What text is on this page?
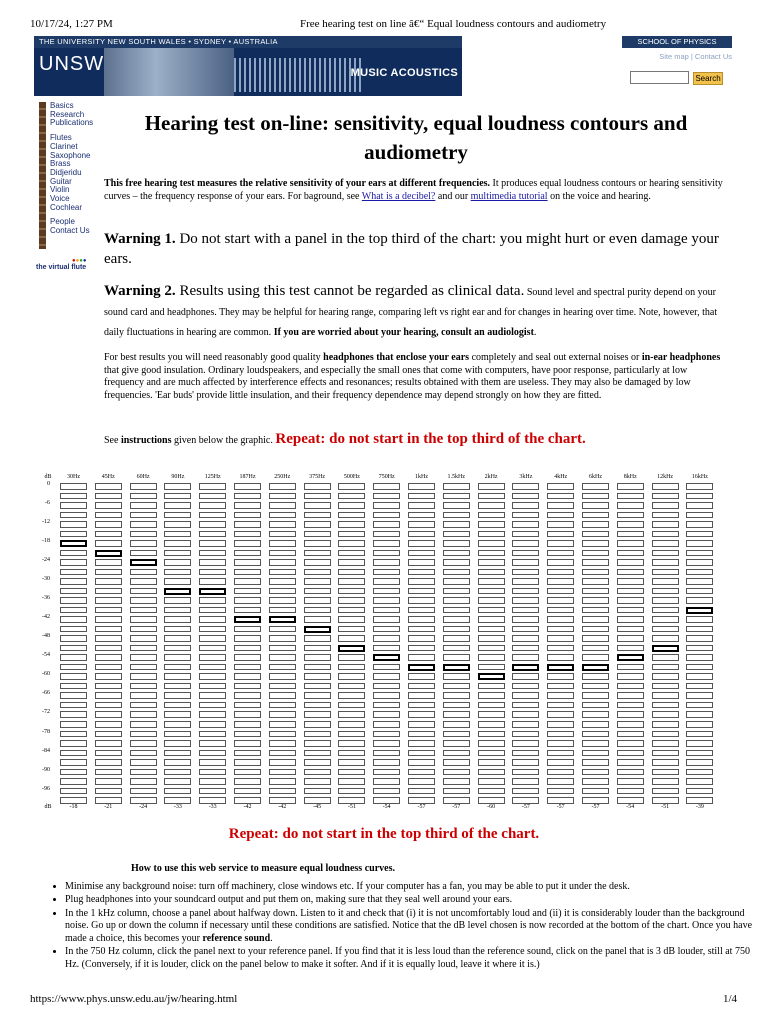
10/17/24, 1:27 PM	Free hearing test on line â€“ Equal loudness contours and audiometry
THE UNIVERSITY NEW SOUTH WALES • SYDNEY • AUSTRALIA
UNSW	MUSIC ACOUSTICS
SCHOOL OF PHYSICS
Site map | Contact Us
Search
Basics
Research
Publications
Flutes
Clarinet
Saxophone
Brass
Didjeridu
Guitar
Violin
Voice
Cochlear
People
Contact Us
●●●●
the virtual flute
Hearing test on-line: sensitivity, equal loudness contours and audiometry
This free hearing test measures the relative sensitivity of your ears at different frequencies. It produces equal loudness contours or hearing sensitivity curves – the frequency response of your ears. For baground, see What is a decibel? and our multimedia tutorial on the voice and hearing.
Warning 1. Do not start with a panel in the top third of the chart: you might hurt or even damage your ears.
Warning 2. Results using this test cannot be regarded as clinical data. Sound level and spectral purity depend on your sound card and headphones. They may be helpful for hearing range, comparing left vs right ear and for changes in hearing over time. Note, however, that daily fluctuations in hearing are common. If you are worried about your hearing, consult an audiologist.
For best results you will need reasonably good quality headphones that enclose your ears completely and seal out external noises or in-ear headphones that give good insulation. Ordinary loudspeakers, and especially the small ones that come with computers, have poor response, particularly at low frequency and are much affected by interference effects and resonances; results obtained with them are useless. They may also be damaged by low frequencies. 'Ear buds' provide little insulation, and their frequency dependence may depend strongly on how they are fitted.
See instructions given below the graphic. Repeat: do not start in the top third of the chart.
dB
dB
30Hz
-18
45Hz
-21
60Hz
-24
90Hz
-33
125Hz
-33
187Hz
-42
250Hz
-42
375Hz
-45
500Hz
-51
750Hz
-54
1kHz
-57
1.5kHz
-57
2kHz
-60
3kHz
-57
4kHz
-57
6kHz
-57
8kHz
-54
12kHz
-51
16kHz
-39
0
-6
-12
-18
-24
-30
-36
-42
-48
-54
-60
-66
-72
-78
-84
-90
-96
Repeat: do not start in the top third of the chart.
How to use this web service to measure equal loudness curves.
• Minimise any background noise: turn off machinery, close windows etc. If your computer has a fan, you may be able to put it under the desk.
• Plug headphones into your soundcard output and put them on, making sure that they seal well around your ears.
• In the 1 kHz column, choose a panel about halfway down. Listen to it and check that (i) it is not uncomfortably loud and (ii) it is considerably louder than the background noise. Go up or down the column if necessary until these conditions are satisfied. Notice that the dB level chosen is now recorded at the bottom of the chart. Once you have made a choice, this becomes your reference sound.
• In the 750 Hz column, click the panel next to your reference panel. If you find that it is less loud than the reference sound, click on the panel that is 3 dB louder, still at 750 Hz. (Conversely, if it is louder, click on the panel below to make it softer. And if it is equally loud, leave it where it is.)
https://www.phys.unsw.edu.au/jw/hearing.html	1/4
